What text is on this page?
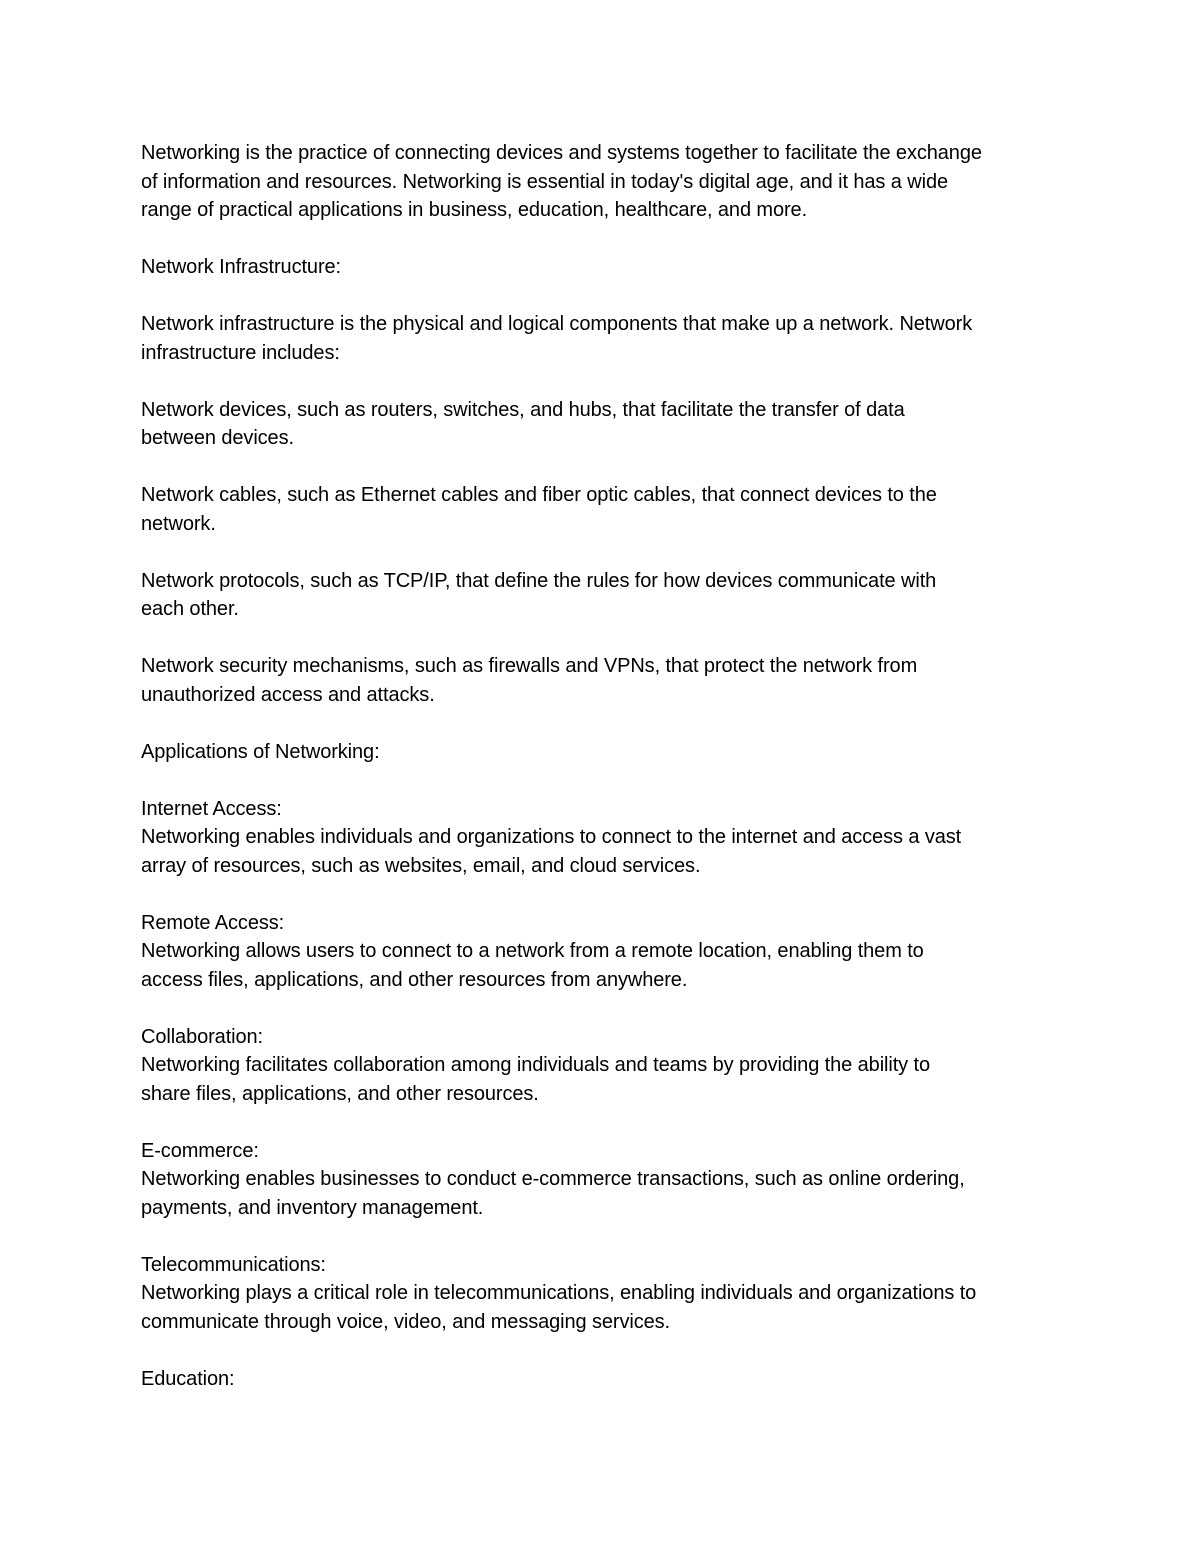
Networking is the practice of connecting devices and systems together to facilitate the exchange
of information and resources. Networking is essential in today's digital age, and it has a wide
range of practical applications in business, education, healthcare, and more.
Network Infrastructure:
Network infrastructure is the physical and logical components that make up a network. Network
infrastructure includes:
Network devices, such as routers, switches, and hubs, that facilitate the transfer of data
between devices.
Network cables, such as Ethernet cables and fiber optic cables, that connect devices to the
network.
Network protocols, such as TCP/IP, that define the rules for how devices communicate with
each other.
Network security mechanisms, such as firewalls and VPNs, that protect the network from
unauthorized access and attacks.
Applications of Networking:
Internet Access:
Networking enables individuals and organizations to connect to the internet and access a vast
array of resources, such as websites, email, and cloud services.
Remote Access:
Networking allows users to connect to a network from a remote location, enabling them to
access files, applications, and other resources from anywhere.
Collaboration:
Networking facilitates collaboration among individuals and teams by providing the ability to
share files, applications, and other resources.
E-commerce:
Networking enables businesses to conduct e-commerce transactions, such as online ordering,
payments, and inventory management.
Telecommunications:
Networking plays a critical role in telecommunications, enabling individuals and organizations to
communicate through voice, video, and messaging services.
Education:
